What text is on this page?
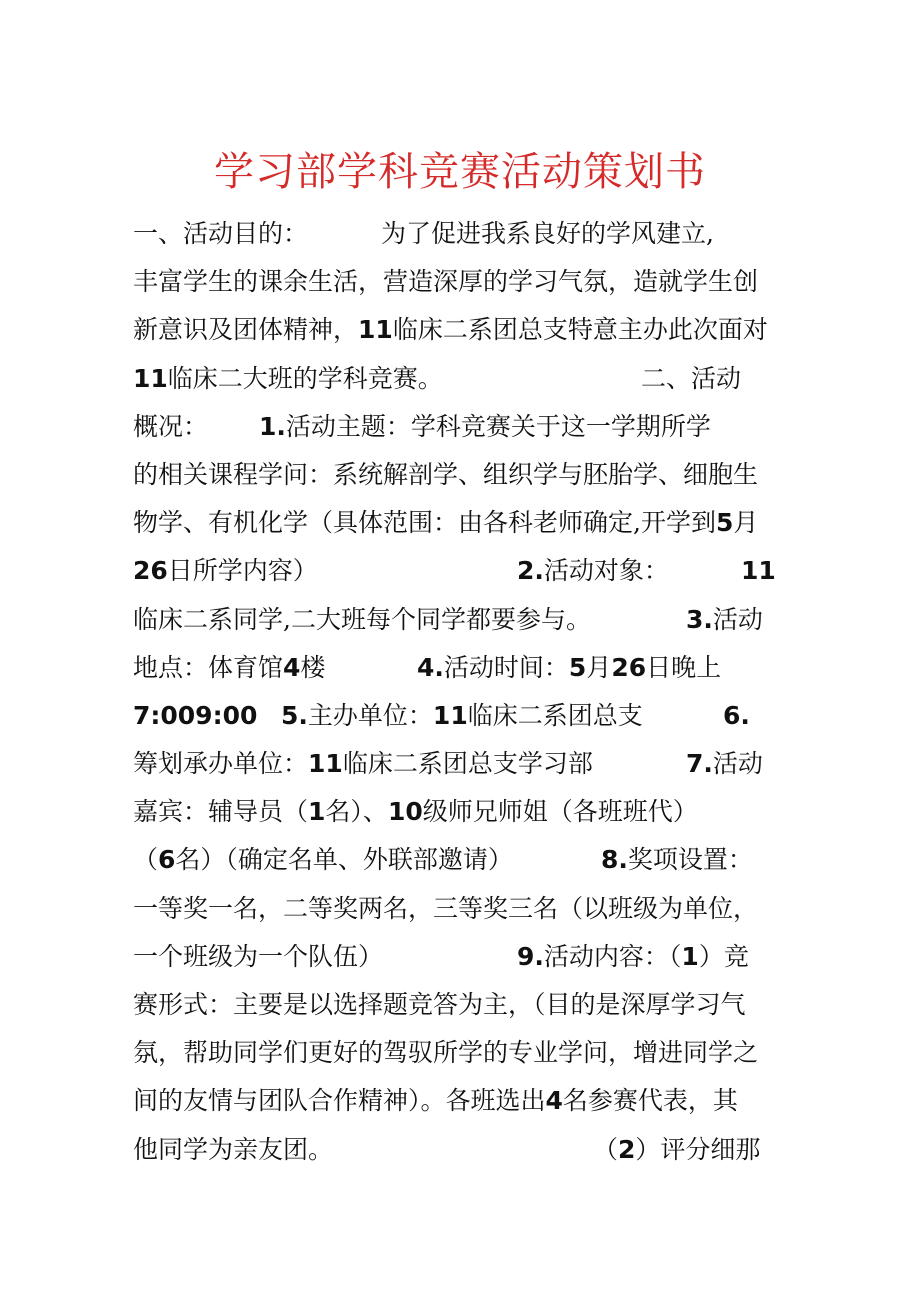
学习部学科竞赛活动策划书
一、活动目的：	为了促进我系良好的学风建立,
丰富学生的课余生活，营造深厚的学习气氛，造就学生创
新意识及团体精神，11临床二系团总支特意主办此次面对
11临床二大班的学科竞赛。	二、活动
概况： 1.活动主题：学科竞赛关于这一学期所学
的相关课程学问：系统解剖学、组织学与胚胎学、细胞生
物学、有机化学（具体范围：由各科老师确定,开学到5月
26日所学内容）	2.活动对象：	11
临床二系同学,二大班每个同学都要参与。	3.活动
地点：体育馆4楼	4.活动时间：5月26日晚上
7:009:00 5.主办单位：11临床二系团总支	6.
筹划承办单位：11临床二系团总支学习部	7.活动
嘉宾：辅导员（1名）、10级师兄师姐（各班班代）
（6名）（确定名单、外联部邀请）	8.奖项设置：
一等奖一名，二等奖两名，三等奖三名（以班级为单位，
一个班级为一个队伍）	9.活动内容：（1）竞
赛形式：主要是以选择题竞答为主，（目的是深厚学习气
氛，帮助同学们更好的驾驭所学的专业学问，增进同学之
间的友情与团队合作精神）。各班选出4名参赛代表，其
他同学为亲友团。	（2）评分细那
